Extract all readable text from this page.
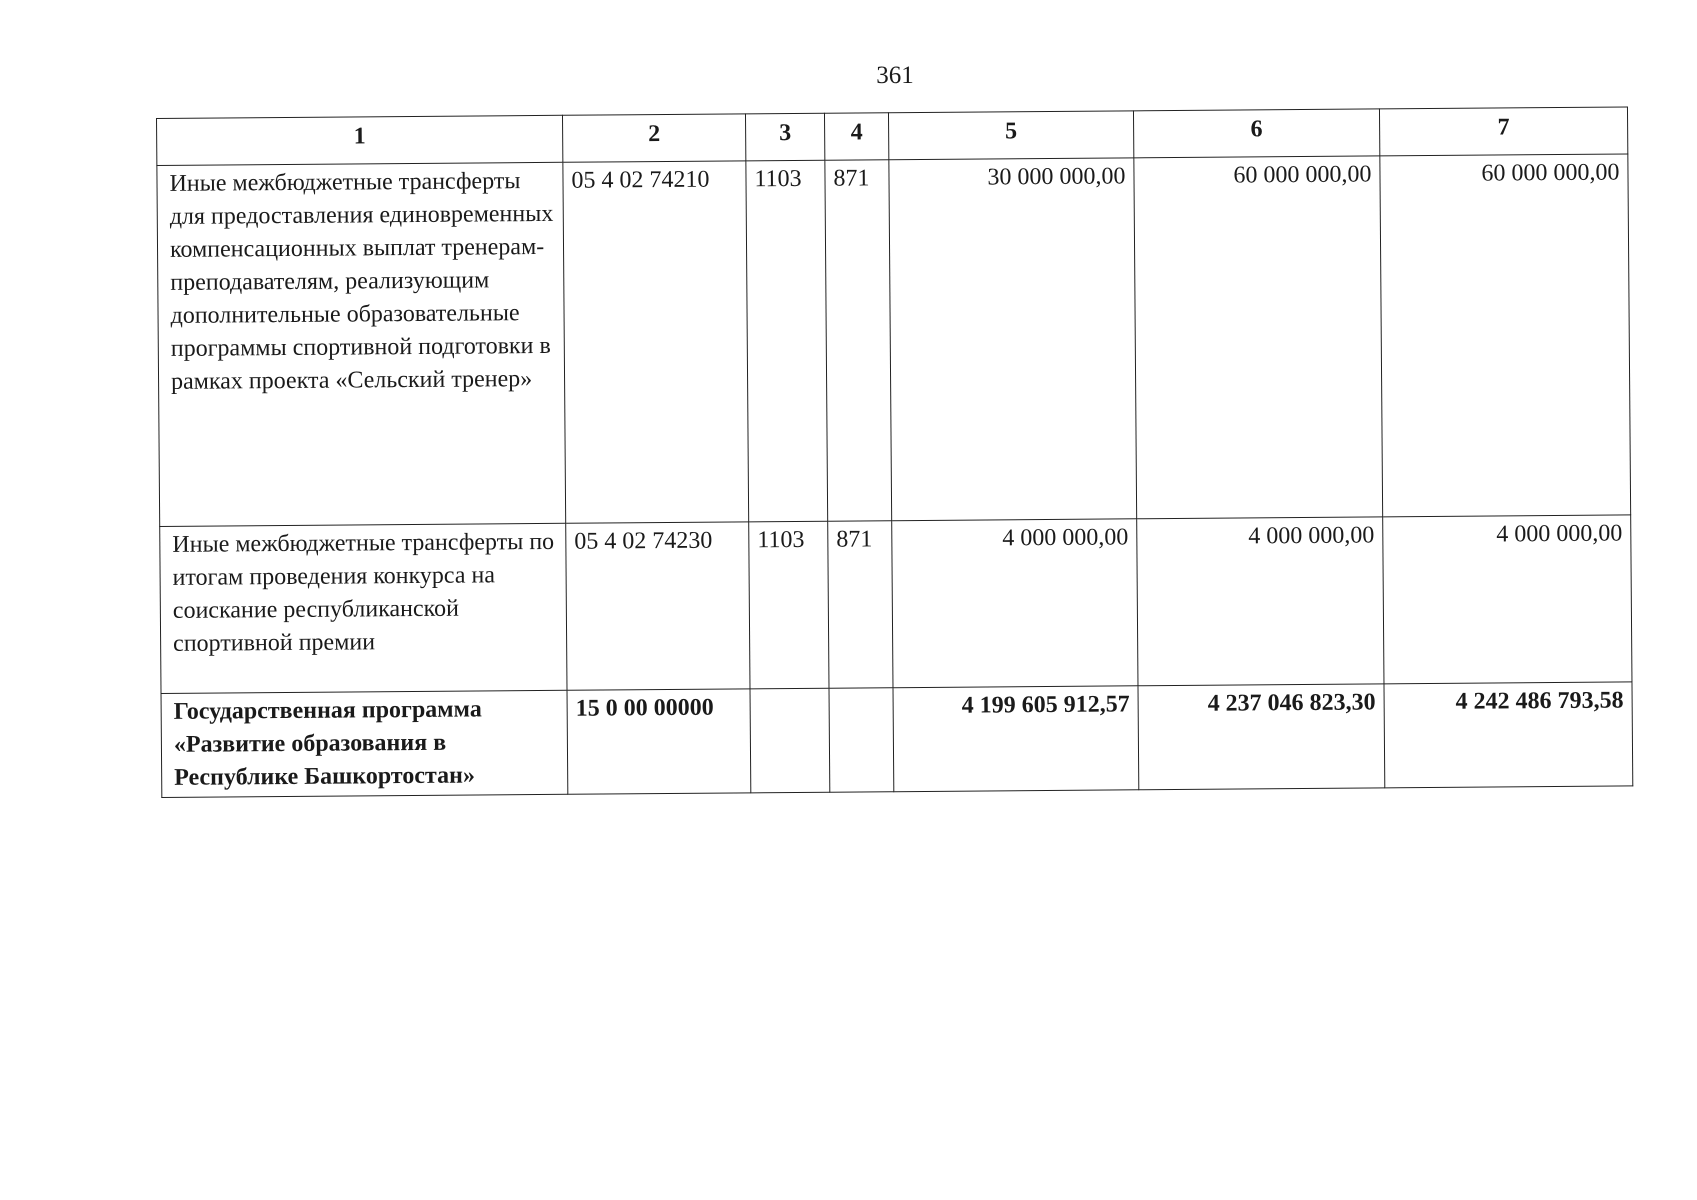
361
1	2	3	4	5	6	7
Иные межбюджетные трансферты для предоставления единовременных компенсационных выплат тренерам-преподавателям, реализующим дополнительные образовательные программы спортивной подготовки в рамках проекта «Сельский тренер»	05 4 02 74210	1103	871	30 000 000,00	60 000 000,00	60 000 000,00
Иные межбюджетные трансферты по итогам проведения конкурса на соискание республиканской спортивной премии	05 4 02 74230	1103	871	4 000 000,00	4 000 000,00	4 000 000,00
Государственная программа «Развитие образования в Республике Башкортостан»	15 0 00 00000			4 199 605 912,57	4 237 046 823,30	4 242 486 793,58
